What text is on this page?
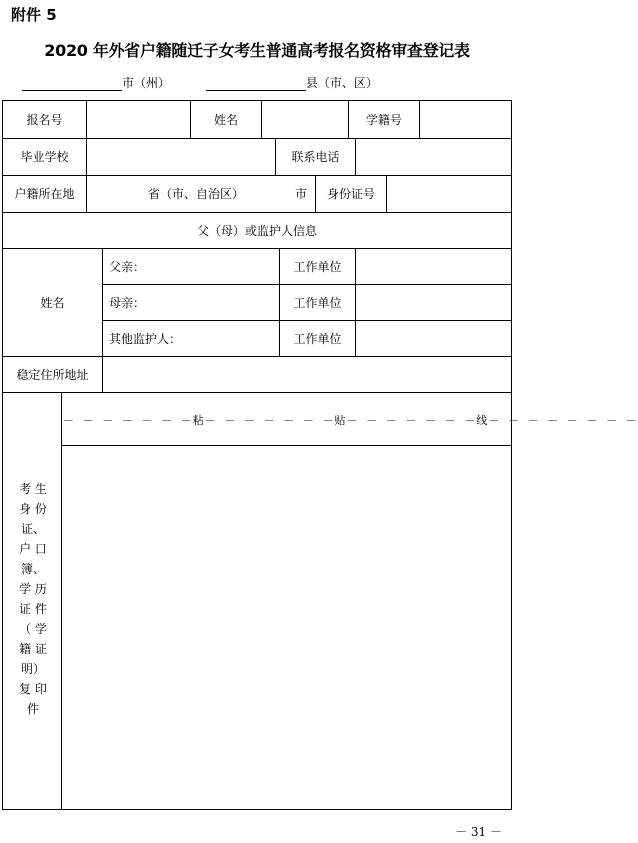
附件 5
2020 年外省户籍随迁子女考生普通高考报名资格审查登记表
市（州）	县（市、区）
报名号	姓名	学籍号
毕业学校	联系电话
户籍所在地	省（市、自治区）	市	身份证号
父（母）或监护人信息
姓名
父亲：	工作单位
母亲：	工作单位
其他监护人：	工作单位
稳定住所地址
－ － － － － － －粘－ － － － － － －贴－ － － － － － －线－ － － － － － － －
考 生
身 份
证、
户 口
簿、
学 历
证 件
（ 学
籍 证
明）
复 印
件
－ 31 －
